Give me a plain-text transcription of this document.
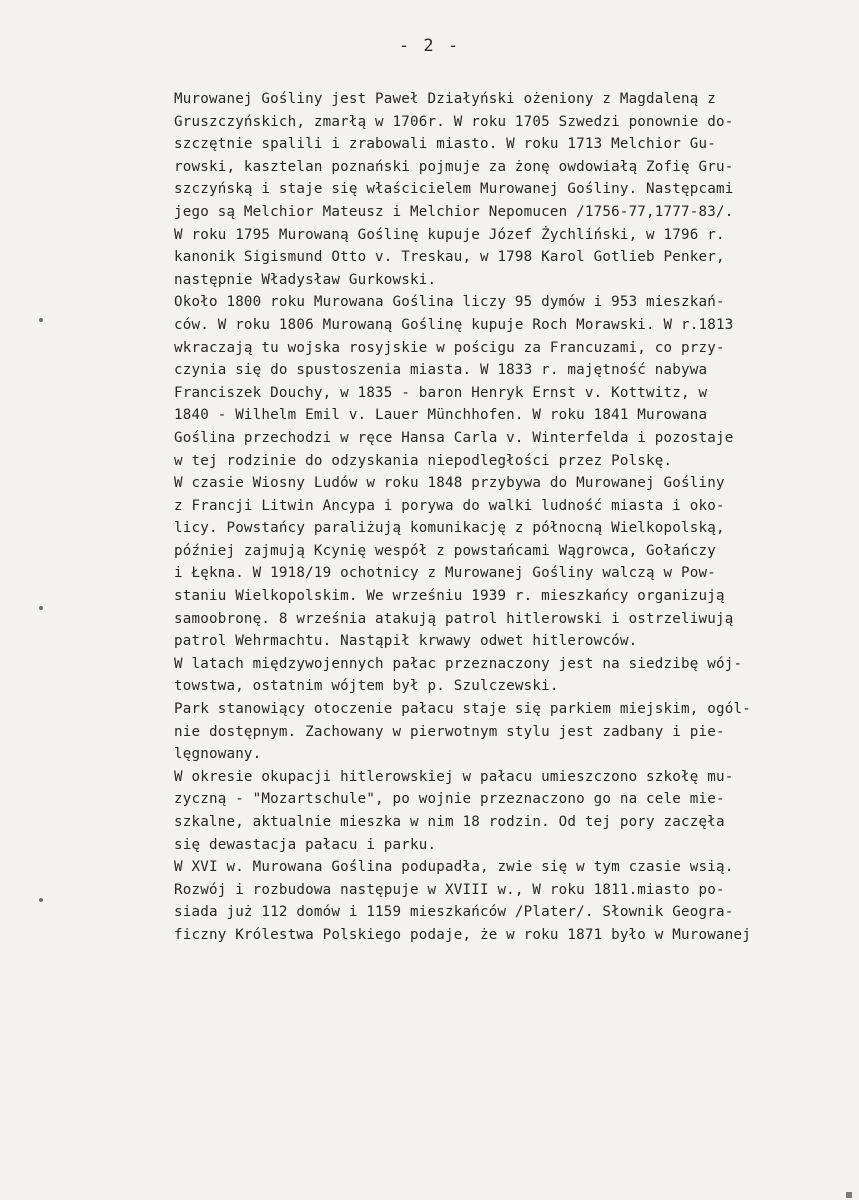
- 2 -
Murowanej Gośliny jest Paweł Działyński ożeniony z Magdaleną z
Gruszczyńskich, zmarłą w 1706r. W roku 1705 Szwedzi ponownie do-
szczętnie spalili i zrabowali miasto. W roku 1713 Melchior Gu-
rowski, kasztelan poznański pojmuje za żonę owdowiałą Zofię Gru-
szczyńską i staje się właścicielem Murowanej Gośliny. Następcami
jego są Melchior Mateusz i Melchior Nepomucen /1756-77,1777-83/.
W roku 1795 Murowaną Goślinę kupuje Józef Żychliński, w 1796 r.
kanonik Sigismund Otto v. Treskau, w 1798 Karol Gotlieb Penker,
następnie Władysław Gurkowski.
Około 1800 roku Murowana Goślina liczy 95 dymów i 953 mieszkań-
ców. W roku 1806 Murowaną Goślinę kupuje Roch Morawski. W r.1813
wkraczają tu wojska rosyjskie w pościgu za Francuzami, co przy-
czynia się do spustoszenia miasta. W 1833 r. majętność nabywa
Franciszek Douchy, w 1835 - baron Henryk Ernst v. Kottwitz, w
1840 - Wilhelm Emil v. Lauer Münchhofen. W roku 1841 Murowana
Goślina przechodzi w ręce Hansa Carla v. Winterfelda i pozostaje
w tej rodzinie do odzyskania niepodległości przez Polskę.
W czasie Wiosny Ludów w roku 1848 przybywa do Murowanej Gośliny
z Francji Litwin Ancypa i porywa do walki ludność miasta i oko-
licy. Powstańcy paraliżują komunikację z północną Wielkopolską,
później zajmują Kcynię wespół z powstańcami Wągrowca, Gołańczy
i Łękna. W 1918/19 ochotnicy z Murowanej Gośliny walczą w Pow-
staniu Wielkopolskim. We wrześniu 1939 r. mieszkańcy organizują
samoobronę. 8 września atakują patrol hitlerowski i ostrzeliwują
patrol Wehrmachtu. Nastąpił krwawy odwet hitlerowców.
W latach międzywojennych pałac przeznaczony jest na siedzibę wój-
towstwa, ostatnim wójtem był p. Szulczewski.
Park stanowiący otoczenie pałacu staje się parkiem miejskim, ogól-
nie dostępnym. Zachowany w pierwotnym stylu jest zadbany i pie-
lęgnowany.
W okresie okupacji hitlerowskiej w pałacu umieszczono szkołę mu-
zyczną - "Mozartschule", po wojnie przeznaczono go na cele mie-
szkalne, aktualnie mieszka w nim 18 rodzin. Od tej pory zaczęła
się dewastacja pałacu i parku.
W XVI w. Murowana Goślina podupadła, zwie się w tym czasie wsią.
Rozwój i rozbudowa następuje w XVIII w., W roku 1811.miasto po-
siada już 112 domów i 1159 mieszkańców /Plater/. Słownik Geogra-
ficzny Królestwa Polskiego podaje, że w roku 1871 było w Murowanej
